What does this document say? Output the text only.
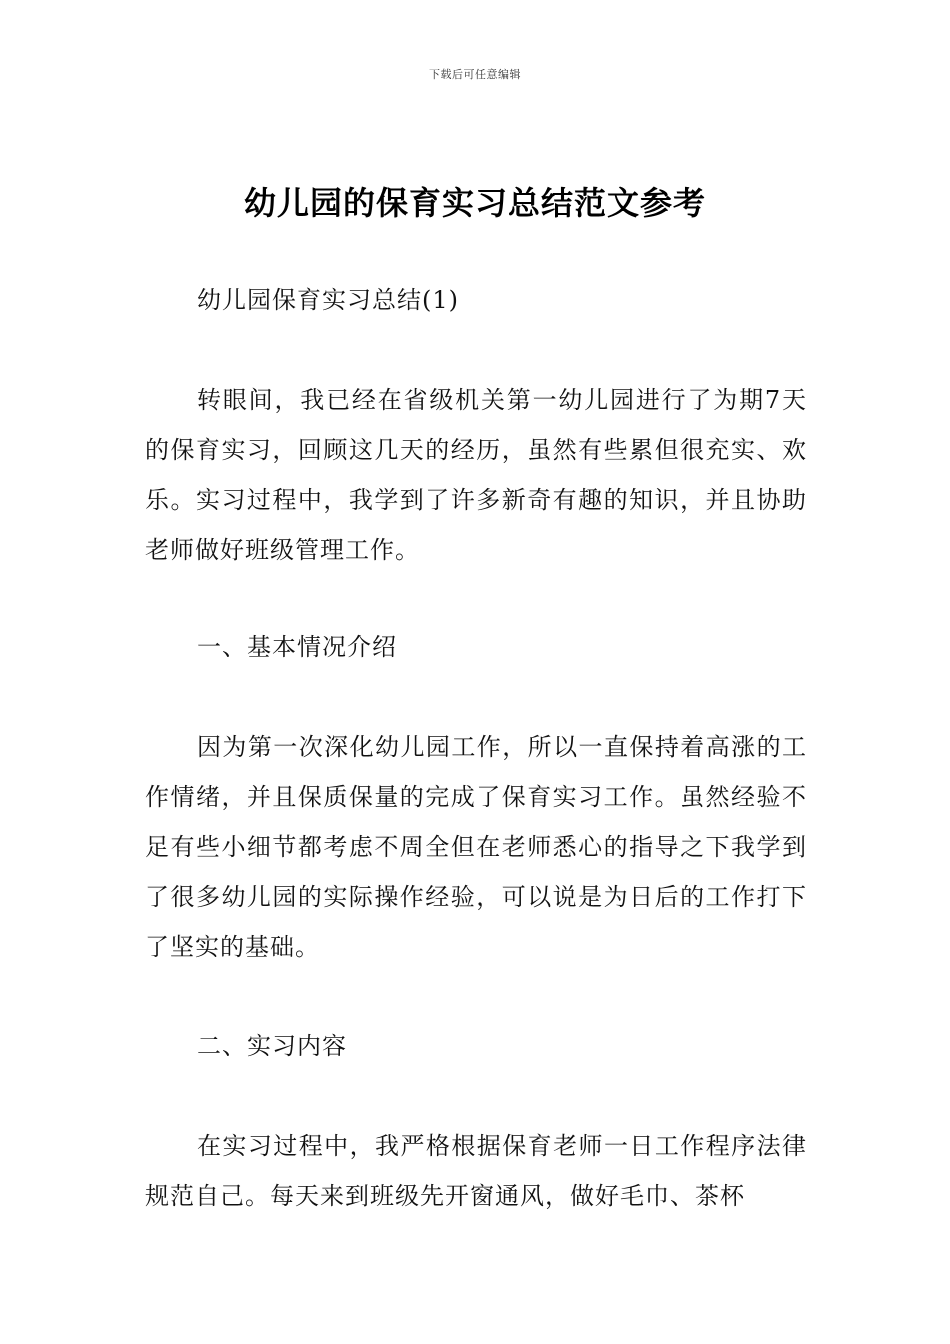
下载后可任意编辑
幼儿园的保育实习总结范文参考

幼儿园保育实习总结(1)

转眼间，我已经在省级机关第一幼儿园进行了为期7天的保育实习，回顾这几天的经历，虽然有些累但很充实、欢乐。实习过程中，我学到了许多新奇有趣的知识，并且协助老师做好班级管理工作。

一、基本情况介绍

因为第一次深化幼儿园工作，所以一直保持着高涨的工作情绪，并且保质保量的完成了保育实习工作。虽然经验不足有些小细节都考虑不周全但在老师悉心的指导之下我学到了很多幼儿园的实际操作经验，可以说是为日后的工作打下了坚实的基础。

二、实习内容

在实习过程中，我严格根据保育老师一日工作程序法律规范自己。每天来到班级先开窗通风，做好毛巾、茶杯
